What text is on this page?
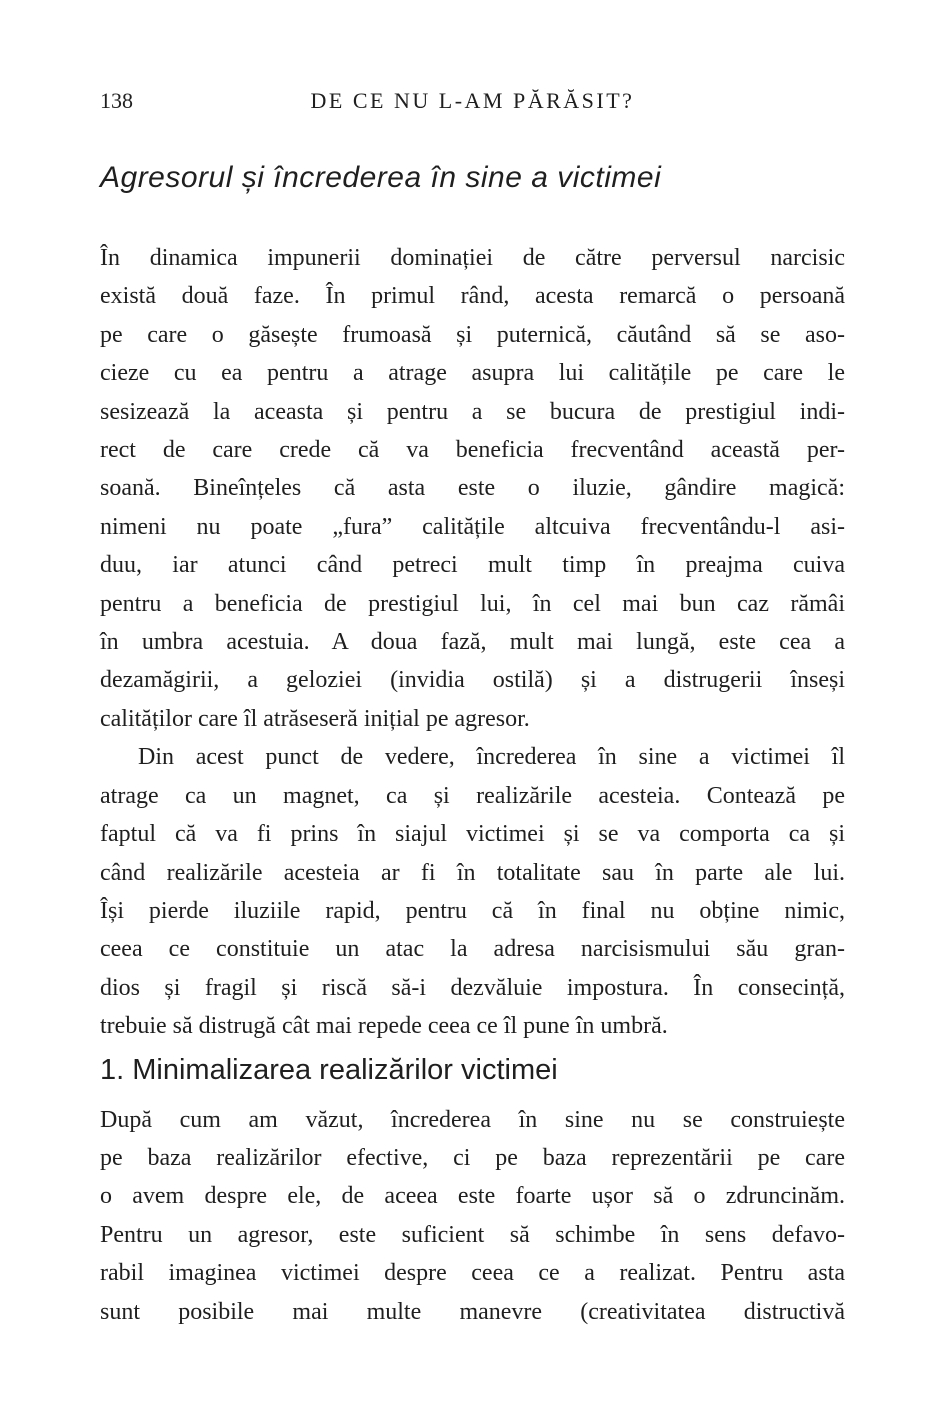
138	DE CE NU L-AM PĂRĂSIT?
Agresorul și încrederea în sine a victimei
În dinamica impunerii dominației de către perversul narcisic
există două faze. În primul rând, acesta remarcă o persoană
pe care o găsește frumoasă și puternică, căutând să se aso-
cieze cu ea pentru a atrage asupra lui calitățile pe care le
sesizează la aceasta și pentru a se bucura de prestigiul indi-
rect de care crede că va beneficia frecventând această per-
soană. Bineînțeles că asta este o iluzie, gândire magică:
nimeni nu poate „fura” calitățile altcuiva frecventându-l asi-
duu, iar atunci când petreci mult timp în preajma cuiva
pentru a beneficia de prestigiul lui, în cel mai bun caz rămâi
în umbra acestuia. A doua fază, mult mai lungă, este cea a
dezamăgirii, a geloziei (invidia ostilă) și a distrugerii înseși
calităților care îl atrăseseră inițial pe agresor.
Din acest punct de vedere, încrederea în sine a victimei îl
atrage ca un magnet, ca și realizările acesteia. Contează pe
faptul că va fi prins în siajul victimei și se va comporta ca și
când realizările acesteia ar fi în totalitate sau în parte ale lui.
Își pierde iluziile rapid, pentru că în final nu obține nimic,
ceea ce constituie un atac la adresa narcisismului său gran-
dios și fragil și riscă să-i dezvăluie impostura. În consecință,
trebuie să distrugă cât mai repede ceea ce îl pune în umbră.
1. Minimalizarea realizărilor victimei
După cum am văzut, încrederea în sine nu se construiește
pe baza realizărilor efective, ci pe baza reprezentării pe care
o avem despre ele, de aceea este foarte ușor să o zdruncinăm.
Pentru un agresor, este suficient să schimbe în sens defavo-
rabil imaginea victimei despre ceea ce a realizat. Pentru asta
sunt posibile mai multe manevre (creativitatea distructivă
